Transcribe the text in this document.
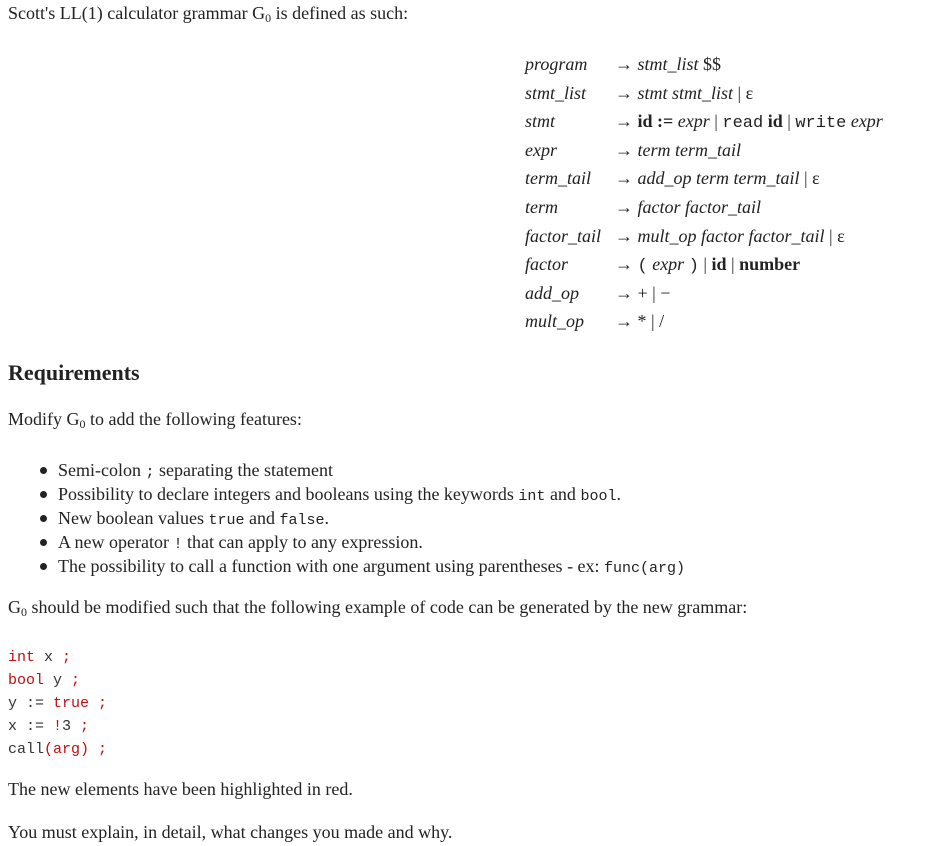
Scott's LL(1) calculator grammar $G_0$ is defined as such:
program → stmt_list $$
stmt_list → stmt stmt_list | ε
stmt	→ id := expr | read id | write expr
expr	→ term term_tail
term_tail → add_op term term_tail | ε
term	→ factor factor_tail
factor_tail → mult_op factor factor_tail | ε
factor	→ ( expr ) | id | number
add_op → + | −
mult_op → * | /
Requirements
Modify $G_0$ to add the following features:
Semi-colon ; separating the statement
Possibility to declare integers and booleans using the keywords int and bool.
New boolean values true and false.
A new operator ! that can apply to any expression.
The possibility to call a function with one argument using parentheses - ex: func(arg)
$G_0$ should be modified such that the following example of code can be generated by the new grammar:
int x ;
bool y ;
y := true ;
x := !3 ;
call(arg) ;
The new elements have been highlighted in red.
You must explain, in detail, what changes you made and why.
